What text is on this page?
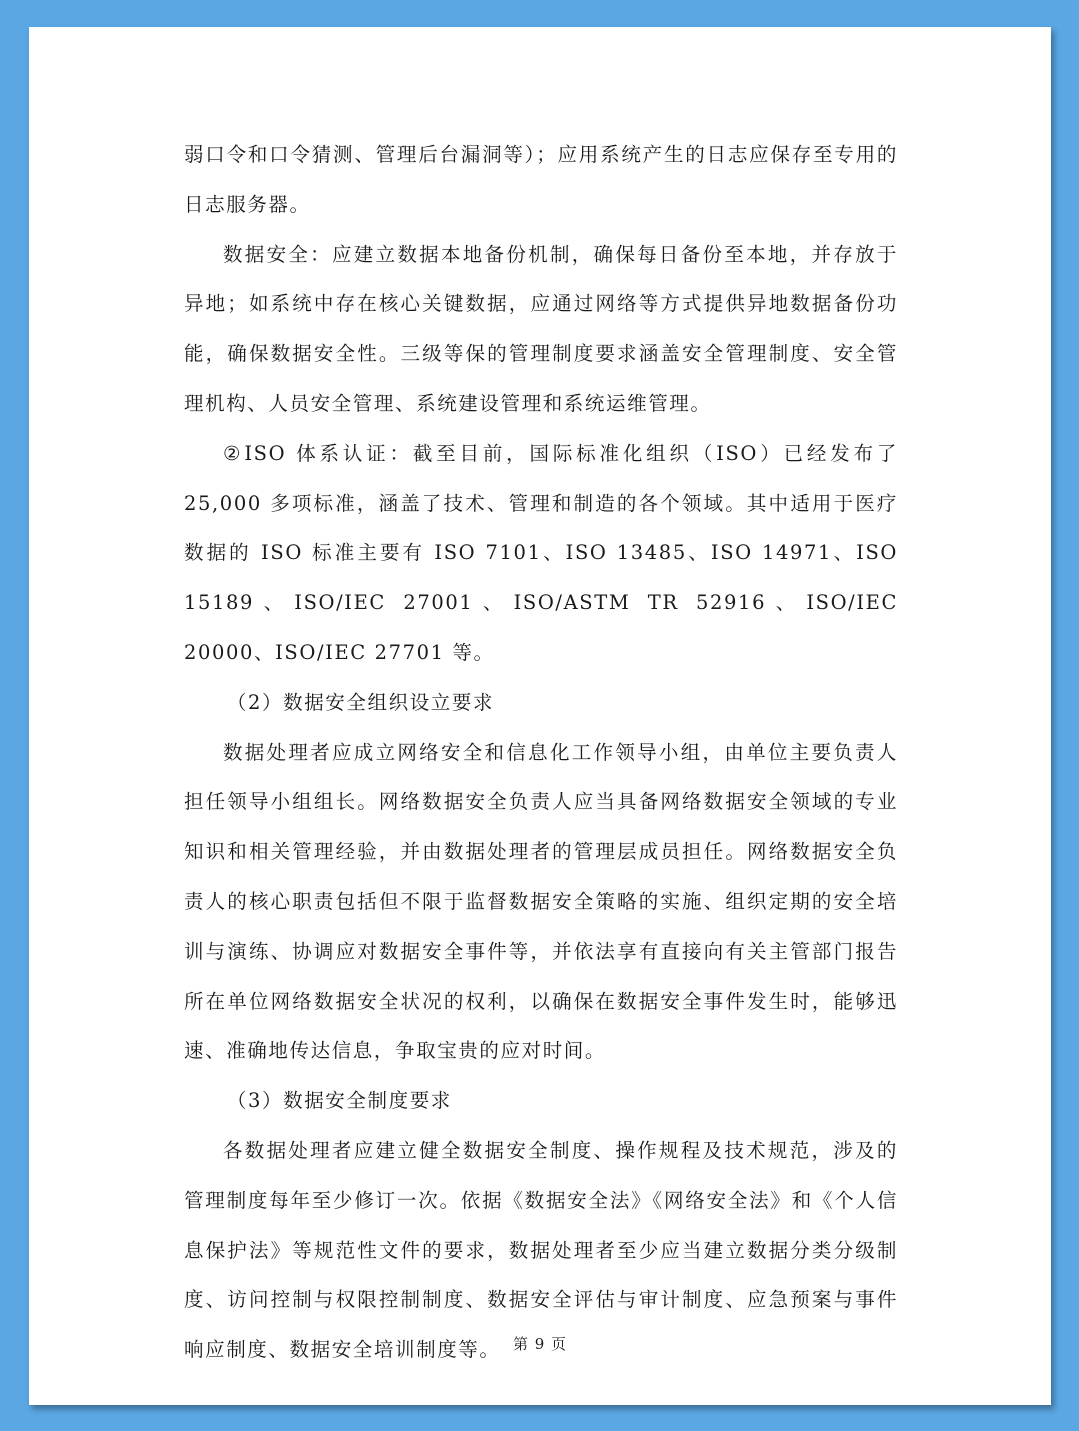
弱口令和口令猜测、管理后台漏洞等）；应用系统产生的日志应保存至专用的日志服务器。

数据安全：应建立数据本地备份机制，确保每日备份至本地，并存放于异地；如系统中存在核心关键数据，应通过网络等方式提供异地数据备份功能，确保数据安全性。三级等保的管理制度要求涵盖安全管理制度、安全管理机构、人员安全管理、系统建设管理和系统运维管理。

②ISO 体系认证：截至目前，国际标准化组织（ISO）已经发布了 25,000 多项标准，涵盖了技术、管理和制造的各个领域。其中适用于医疗数据的 ISO 标准主要有 ISO 7101、ISO 13485、ISO 14971、ISO 15189、ISO/IEC 27001、ISO/ASTM TR 52916、ISO/IEC 20000、ISO/IEC 27701 等。

（2）数据安全组织设立要求

数据处理者应成立网络安全和信息化工作领导小组，由单位主要负责人担任领导小组组长。网络数据安全负责人应当具备网络数据安全领域的专业知识和相关管理经验，并由数据处理者的管理层成员担任。网络数据安全负责人的核心职责包括但不限于监督数据安全策略的实施、组织定期的安全培训与演练、协调应对数据安全事件等，并依法享有直接向有关主管部门报告所在单位网络数据安全状况的权利，以确保在数据安全事件发生时，能够迅速、准确地传达信息，争取宝贵的应对时间。

（3）数据安全制度要求

各数据处理者应建立健全数据安全制度、操作规程及技术规范，涉及的管理制度每年至少修订一次。依据《数据安全法》《网络安全法》和《个人信息保护法》等规范性文件的要求，数据处理者至少应当建立数据分类分级制度、访问控制与权限控制制度、数据安全评估与审计制度、应急预案与事件响应制度、数据安全培训制度等。 第 9 页
